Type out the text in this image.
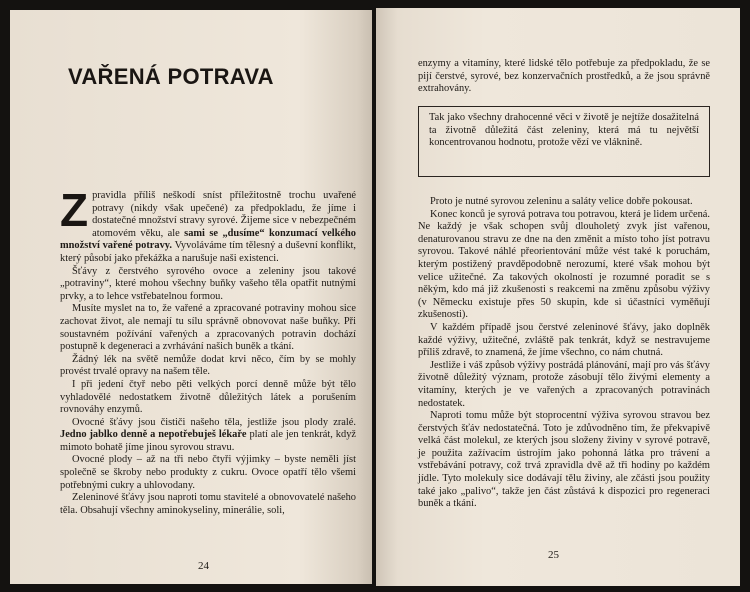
VAŘENÁ POTRAVA

Zpravidla příliš neškodí sníst příležitostně trochu uvařené potravy (nikdy však upečené) za předpokladu, že jíme i dostatečné množství stravy syrové. Žijeme sice v nebezpečném atomovém věku, ale sami se „dusíme“ konzumací velkého množství vařené potravy. Vyvoláváme tím tělesný a duševní konflikt, který působí jako překážka a narušuje naši existenci.

Šťávy z čerstvého syrového ovoce a zeleniny jsou takové „potraviny“, které mohou všechny buňky vašeho těla opatřit nutnými prvky, a to lehce vstřebatelnou formou.

Musíte myslet na to, že vařené a zpracované potraviny mohou sice zachovat život, ale nemají tu sílu správně obnovovat naše buňky. Při soustavném požívání vařených a zpracovaných potravin dochází postupně k degeneraci a zvrhávání našich buněk a tkání.

Žádný lék na světě nemůže dodat krvi něco, čím by se mohly provést trvalé opravy na našem těle.

I při jedení čtyř nebo pěti velkých porcí denně může být tělo vyhladovělé nedostatkem životně důležitých látek a porušením rovnováhy enzymů.

Ovocné šťávy jsou čističi našeho těla, jestliže jsou plody zralé. Jedno jablko denně a nepotřebuješ lékaře platí ale jen tenkrát, když mimoto bohatě jíme jinou syrovou stravu.

Ovocné plody – až na tři nebo čtyři výjimky – byste neměli jíst společně se škroby nebo produkty z cukru. Ovoce opatří tělo všemi potřebnými cukry a uhlovodany.

Zeleninové šťávy jsou naproti tomu stavitelé a obnovovatelé našeho těla. Obsahují všechny aminokyseliny, minerálie, soli,

24

enzymy a vitamíny, které lidské tělo potřebuje za předpokladu, že se pijí čerstvé, syrové, bez konzervačních prostředků, a že jsou správně extrahovány.

Tak jako všechny drahocenné věci v životě je nejtíže dosažitelná ta životně důležitá část zeleniny, která má tu největší koncentrovanou hodnotu, protože vězí ve vláknině.

Proto je nutné syrovou zeleninu a saláty velice dobře pokousat.

Konec konců je syrová potrava tou potravou, která je lidem určená. Ne každý je však schopen svůj dlouholetý zvyk jíst vařenou, denaturovanou stravu ze dne na den změnit a místo toho jíst potravu syrovou. Takové náhlé přeorientování může vést také k poruchám, kterým postižený pravděpodobně nerozumí, které však mohou být velice užitečné. Za takových okolností je rozumné poradit se s někým, kdo má již zkušenosti s reakcemi na změnu způsobu výživy (v Německu existuje přes 50 skupin, kde si účastníci vyměňují zkušenosti).

V každém případě jsou čerstvé zeleninové šťávy, jako doplněk každé výživy, užitečné, zvláště pak tenkrát, když se nestravujeme příliš zdravě, to znamená, že jíme všechno, co nám chutná.

Jestliže i váš způsob výživy postrádá plánování, mají pro vás šťávy životně důležitý význam, protože zásobují tělo živými elementy a vitamíny, kterých je ve vařených a zpracovaných potravinách nedostatek.

Naproti tomu může být stoprocentní výživa syrovou stravou bez čerstvých šťáv nedostatečná. Toto je zdůvodněno tím, že překvapivě velká část molekul, ze kterých jsou složeny živiny v syrové potravě, je použita zažívacím ústrojím jako pohonná látka pro trávení a vstřebávání potravy, což trvá zpravidla dvě až tři hodiny po každém jídle. Tyto molekuly sice dodávají tělu živiny, ale zčásti jsou použity také jako „palivo“, takže jen část zůstává k dispozici pro regeneraci buněk a tkání.

25
